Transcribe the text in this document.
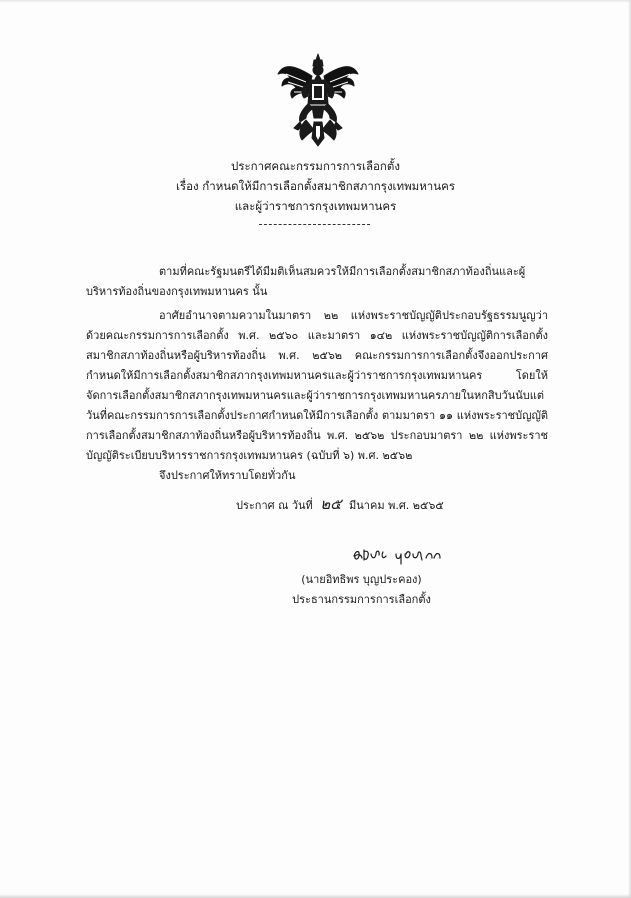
ประกาศคณะกรรมการการเลือกตั้ง
เรื่อง กำหนดให้มีการเลือกตั้งสมาชิกสภากรุงเทพมหานคร
และผู้ว่าราชการกรุงเทพมหานคร
ตามที่คณะรัฐมนตรีได้มีมติเห็นสมควรให้มีการเลือกตั้งสมาชิกสภาท้องถิ่นและผู้บริหารท้องถิ่นของกรุงเทพมหานคร นั้น
อาศัยอำนาจตามความในมาตรา ๒๒ แห่งพระราชบัญญัติประกอบรัฐธรรมนูญว่าด้วยคณะกรรมการการเลือกตั้ง พ.ศ. ๒๕๖๐ และมาตรา ๑๔๒ แห่งพระราชบัญญัติการเลือกตั้งสมาชิกสภาท้องถิ่นหรือผู้บริหารท้องถิ่น พ.ศ. ๒๕๖๒ คณะกรรมการการเลือกตั้งจึงออกประกาศกำหนดให้มีการเลือกตั้งสมาชิกสภากรุงเทพมหานครและผู้ว่าราชการกรุงเทพมหานคร โดยให้จัดการเลือกตั้งสมาชิกสภากรุงเทพมหานครและผู้ว่าราชการกรุงเทพมหานครภายในหกสิบวันนับแต่วันที่คณะกรรมการการเลือกตั้งประกาศกำหนดให้มีการเลือกตั้ง ตามมาตรา ๑๑ แห่งพระราชบัญญัติการเลือกตั้งสมาชิกสภาท้องถิ่นหรือผู้บริหารท้องถิ่น พ.ศ. ๒๕๖๒ ประกอบมาตรา ๒๒ แห่งพระราชบัญญัติระเบียบบริหารราชการกรุงเทพมหานคร (ฉบับที่ ๖) พ.ศ. ๒๕๖๒
จึงประกาศให้ทราบโดยทั่วกัน
ประกาศ ณ วันที่ ๒๕ มีนาคม พ.ศ. ๒๕๖๕
(นายอิทธิพร บุญประคอง)
ประธานกรรมการการเลือกตั้ง
